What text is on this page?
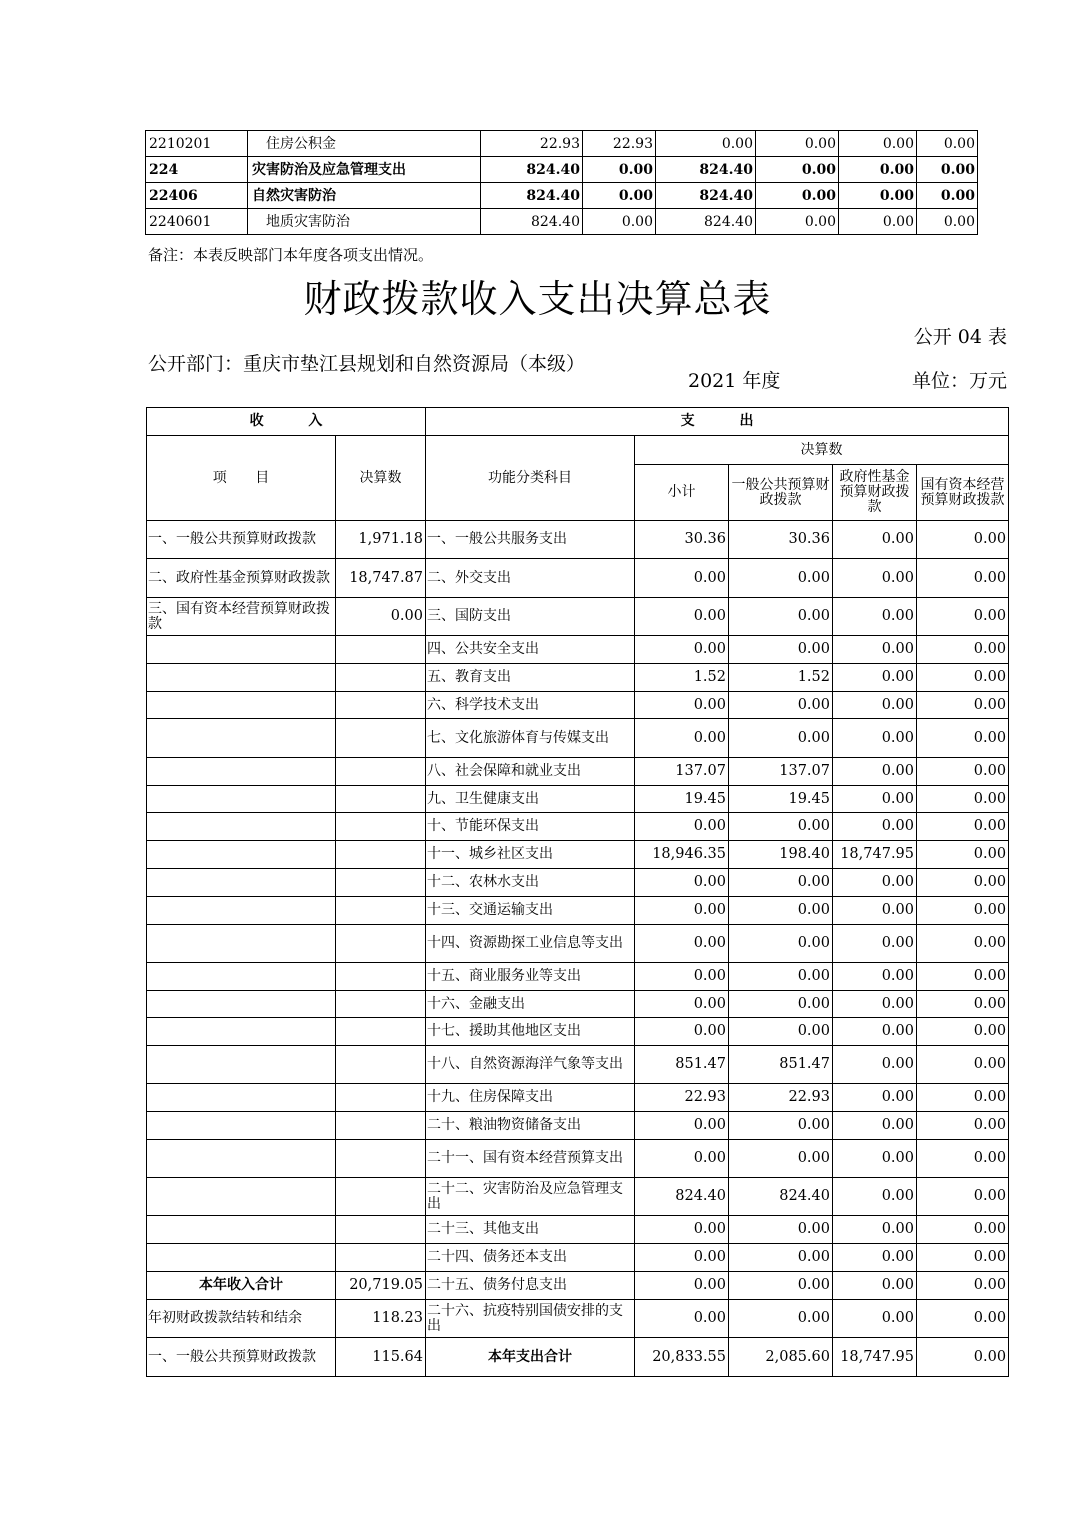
2210201	住房公积金	22.93	22.93	0.00	0.00	0.00	0.00
224	灾害防治及应急管理支出	824.40	0.00	824.40	0.00	0.00	0.00
22406	自然灾害防治	824.40	0.00	824.40	0.00	0.00	0.00
2240601	地质灾害防治	824.40	0.00	824.40	0.00	0.00	0.00
备注：本表反映部门本年度各项支出情况。
财政拨款收入支出决算总表
公开 04 表
公开部门：重庆市垫江县规划和自然资源局（本级）
2021 年度	单位：万元
收 入		支 出				
项 目	决算数	功能分类科目	决算数			
			小计	一般公共预算财政拨款	政府性基金预算财政拨款	国有资本经营预算财政拨款
一、一般公共预算财政拨款	1,971.18	一、一般公共服务支出	30.36	30.36	0.00	0.00
二、政府性基金预算财政拨款	18,747.87	二、外交支出	0.00	0.00	0.00	0.00
三、国有资本经营预算财政拨款	0.00	三、国防支出	0.00	0.00	0.00	0.00
		四、公共安全支出	0.00	0.00	0.00	0.00
		五、教育支出	1.52	1.52	0.00	0.00
		六、科学技术支出	0.00	0.00	0.00	0.00
		七、文化旅游体育与传媒支出	0.00	0.00	0.00	0.00
		八、社会保障和就业支出	137.07	137.07	0.00	0.00
		九、卫生健康支出	19.45	19.45	0.00	0.00
		十、节能环保支出	0.00	0.00	0.00	0.00
		十一、城乡社区支出	18,946.35	198.40	18,747.95	0.00
		十二、农林水支出	0.00	0.00	0.00	0.00
		十三、交通运输支出	0.00	0.00	0.00	0.00
		十四、资源勘探工业信息等支出	0.00	0.00	0.00	0.00
		十五、商业服务业等支出	0.00	0.00	0.00	0.00
		十六、金融支出	0.00	0.00	0.00	0.00
		十七、援助其他地区支出	0.00	0.00	0.00	0.00
		十八、自然资源海洋气象等支出	851.47	851.47	0.00	0.00
		十九、住房保障支出	22.93	22.93	0.00	0.00
		二十、粮油物资储备支出	0.00	0.00	0.00	0.00
		二十一、国有资本经营预算支出	0.00	0.00	0.00	0.00
		二十二、灾害防治及应急管理支出	824.40	824.40	0.00	0.00
		二十三、其他支出	0.00	0.00	0.00	0.00
		二十四、债务还本支出	0.00	0.00	0.00	0.00
本年收入合计	20,719.05	二十五、债务付息支出	0.00	0.00	0.00	0.00
年初财政拨款结转和结余	118.23	二十六、抗疫特别国债安排的支出	0.00	0.00	0.00	0.00
一、一般公共预算财政拨款	115.64	本年支出合计	20,833.55	2,085.60	18,747.95	0.00
